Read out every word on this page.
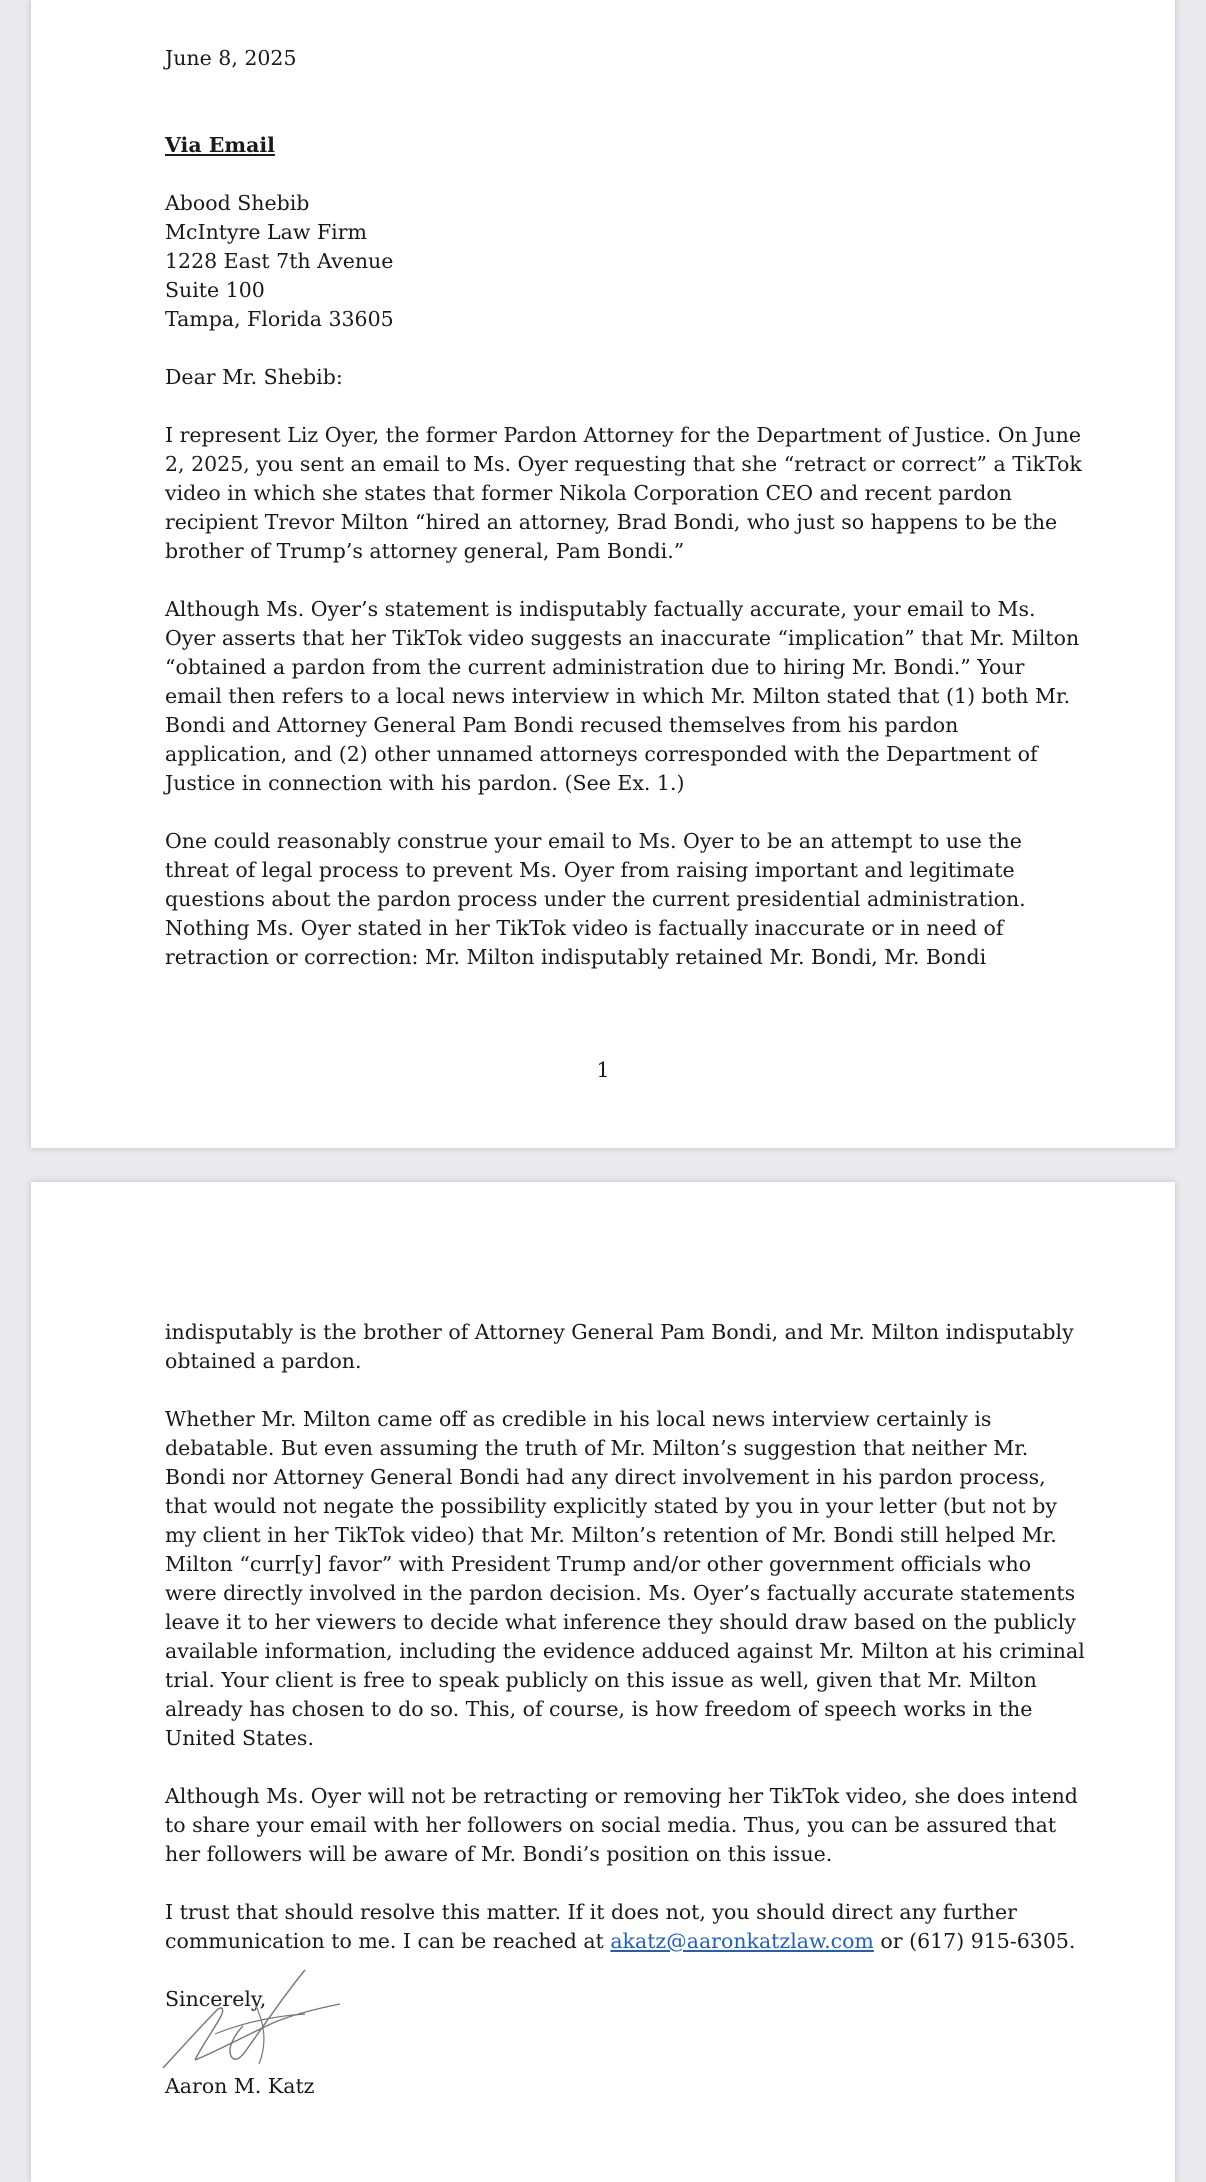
June 8, 2025

Via Email

Abood Shebib

McIntyre Law Firm

1228 East 7th Avenue

Suite 100

Tampa, Florida 33605

Dear Mr. Shebib:

I represent Liz Oyer, the former Pardon Attorney for the Department of Justice. On June 2, 2025, you sent an email to Ms. Oyer requesting that she “retract or correct” a TikTok video in which she states that former Nikola Corporation CEO and recent pardon recipient Trevor Milton “hired an attorney, Brad Bondi, who just so happens to be the brother of Trump’s attorney general, Pam Bondi.”

Although Ms. Oyer’s statement is indisputably factually accurate, your email to Ms. Oyer asserts that her TikTok video suggests an inaccurate “implication” that Mr. Milton “obtained a pardon from the current administration due to hiring Mr. Bondi.” Your email then refers to a local news interview in which Mr. Milton stated that (1) both Mr. Bondi and Attorney General Pam Bondi recused themselves from his pardon application, and (2) other unnamed attorneys corresponded with the Department of Justice in connection with his pardon. (See Ex. 1.)

One could reasonably construe your email to Ms. Oyer to be an attempt to use the threat of legal process to prevent Ms. Oyer from raising important and legitimate questions about the pardon process under the current presidential administration. Nothing Ms. Oyer stated in her TikTok video is factually inaccurate or in need of retraction or correction: Mr. Milton indisputably retained Mr. Bondi, Mr. Bondi

1

indisputably is the brother of Attorney General Pam Bondi, and Mr. Milton indisputably obtained a pardon.

Whether Mr. Milton came off as credible in his local news interview certainly is debatable. But even assuming the truth of Mr. Milton’s suggestion that neither Mr. Bondi nor Attorney General Bondi had any direct involvement in his pardon process, that would not negate the possibility explicitly stated by you in your letter (but not by my client in her TikTok video) that Mr. Milton’s retention of Mr. Bondi still helped Mr. Milton “curr[y] favor” with President Trump and/or other government officials who were directly involved in the pardon decision. Ms. Oyer’s factually accurate statements leave it to her viewers to decide what inference they should draw based on the publicly available information, including the evidence adduced against Mr. Milton at his criminal trial. Your client is free to speak publicly on this issue as well, given that Mr. Milton already has chosen to do so. This, of course, is how freedom of speech works in the United States.

Although Ms. Oyer will not be retracting or removing her TikTok video, she does intend to share your email with her followers on social media. Thus, you can be assured that her followers will be aware of Mr. Bondi’s position on this issue.

I trust that should resolve this matter. If it does not, you should direct any further communication to me. I can be reached at akatz@aaronkatzlaw.com or (617) 915-6305.

Sincerely,

Aaron M. Katz
